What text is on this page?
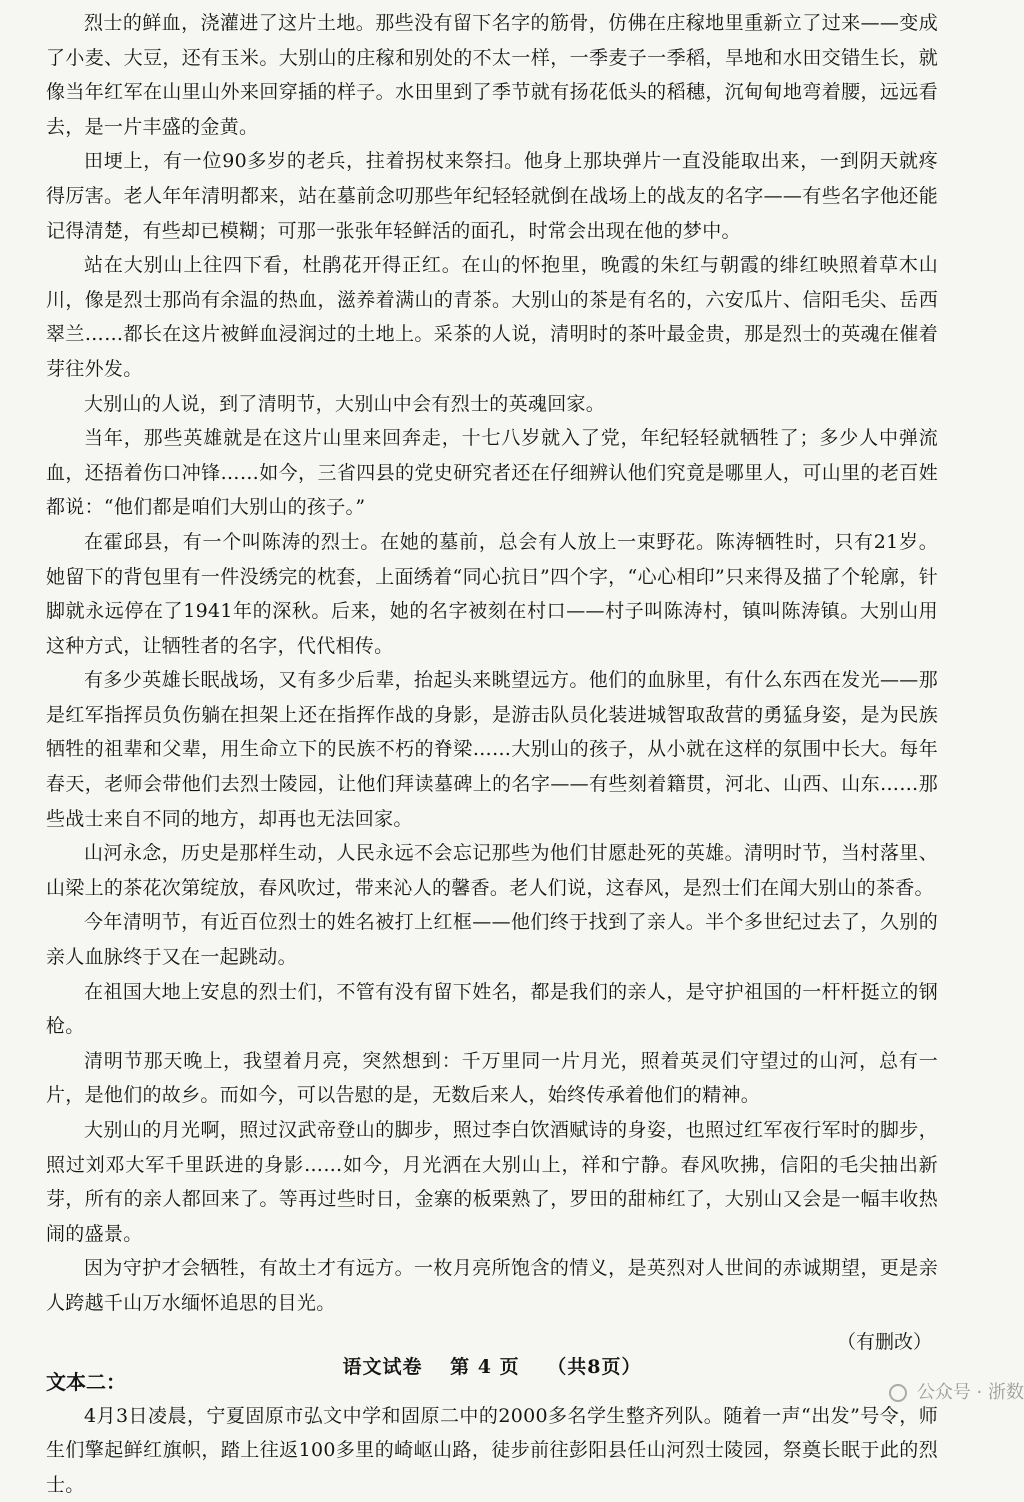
烈士的鲜血，浇灌进了这片土地。那些没有留下名字的筋骨，仿佛在庄稼地里重新立了过来——变成了小麦、大豆，还有玉米。大别山的庄稼和别处的不太一样，一季麦子一季稻，旱地和水田交错生长，就像当年红军在山里山外来回穿插的样子。水田里到了季节就有扬花低头的稻穗，沉甸甸地弯着腰，远远看去，是一片丰盛的金黄。

田埂上，有一位90多岁的老兵，拄着拐杖来祭扫。他身上那块弹片一直没能取出来，一到阴天就疼得厉害。老人年年清明都来，站在墓前念叨那些年纪轻轻就倒在战场上的战友的名字——有些名字他还能记得清楚，有些却已模糊；可那一张张年轻鲜活的面孔，时常会出现在他的梦中。

站在大别山上往四下看，杜鹃花开得正红。在山的怀抱里，晚霞的朱红与朝霞的绯红映照着草木山川，像是烈士那尚有余温的热血，滋养着满山的青茶。大别山的茶是有名的，六安瓜片、信阳毛尖、岳西翠兰……都长在这片被鲜血浸润过的土地上。采茶的人说，清明时的茶叶最金贵，那是烈士的英魂在催着芽往外发。

大别山的人说，到了清明节，大别山中会有烈士的英魂回家。

当年，那些英雄就是在这片山里来回奔走，十七八岁就入了党，年纪轻轻就牺牲了；多少人中弹流血，还捂着伤口冲锋……如今，三省四县的党史研究者还在仔细辨认他们究竟是哪里人，可山里的老百姓都说：“他们都是咱们大别山的孩子。”

在霍邱县，有一个叫陈涛的烈士。在她的墓前，总会有人放上一束野花。陈涛牺牲时，只有21岁。她留下的背包里有一件没绣完的枕套，上面绣着“同心抗日”四个字，“心心相印”只来得及描了个轮廓，针脚就永远停在了1941年的深秋。后来，她的名字被刻在村口——村子叫陈涛村，镇叫陈涛镇。大别山用这种方式，让牺牲者的名字，代代相传。

有多少英雄长眠战场，又有多少后辈，抬起头来眺望远方。他们的血脉里，有什么东西在发光——那是红军指挥员负伤躺在担架上还在指挥作战的身影，是游击队员化装进城智取敌营的勇猛身姿，是为民族牺牲的祖辈和父辈，用生命立下的民族不朽的脊梁……大别山的孩子，从小就在这样的氛围中长大。每年春天，老师会带他们去烈士陵园，让他们拜读墓碑上的名字——有些刻着籍贯，河北、山西、山东……那些战士来自不同的地方，却再也无法回家。

山河永念，历史是那样生动，人民永远不会忘记那些为他们甘愿赴死的英雄。清明时节，当村落里、山梁上的茶花次第绽放，春风吹过，带来沁人的馨香。老人们说，这春风，是烈士们在闻大别山的茶香。

今年清明节，有近百位烈士的姓名被打上红框——他们终于找到了亲人。半个多世纪过去了，久别的亲人血脉终于又在一起跳动。

在祖国大地上安息的烈士们，不管有没有留下姓名，都是我们的亲人，是守护祖国的一杆杆挺立的钢枪。

清明节那天晚上，我望着月亮，突然想到：千万里同一片月光，照着英灵们守望过的山河，总有一片，是他们的故乡。而如今，可以告慰的是，无数后来人，始终传承着他们的精神。

大别山的月光啊，照过汉武帝登山的脚步，照过李白饮酒赋诗的身姿，也照过红军夜行军时的脚步，照过刘邓大军千里跃进的身影……如今，月光洒在大别山上，祥和宁静。春风吹拂，信阳的毛尖抽出新芽，所有的亲人都回来了。等再过些时日，金寨的板栗熟了，罗田的甜柿红了，大别山又会是一幅丰收热闹的盛景。

因为守护才会牺牲，有故土才有远方。一枚月亮所饱含的情义，是英烈对人世间的赤诚期望，更是亲人跨越千山万水缅怀追思的目光。

（有删改）
文本二：

4月3日凌晨，宁夏固原市弘文中学和固原二中的2000多名学生整齐列队。随着一声“出发”号令，师生们擎起鲜红旗帜，踏上往返100多里的崎岖山路，徒步前往彭阳县任山河烈士陵园，祭奠长眠于此的烈士。

语文试卷 第 4 页 （共8页）
公众号 · 浙数
